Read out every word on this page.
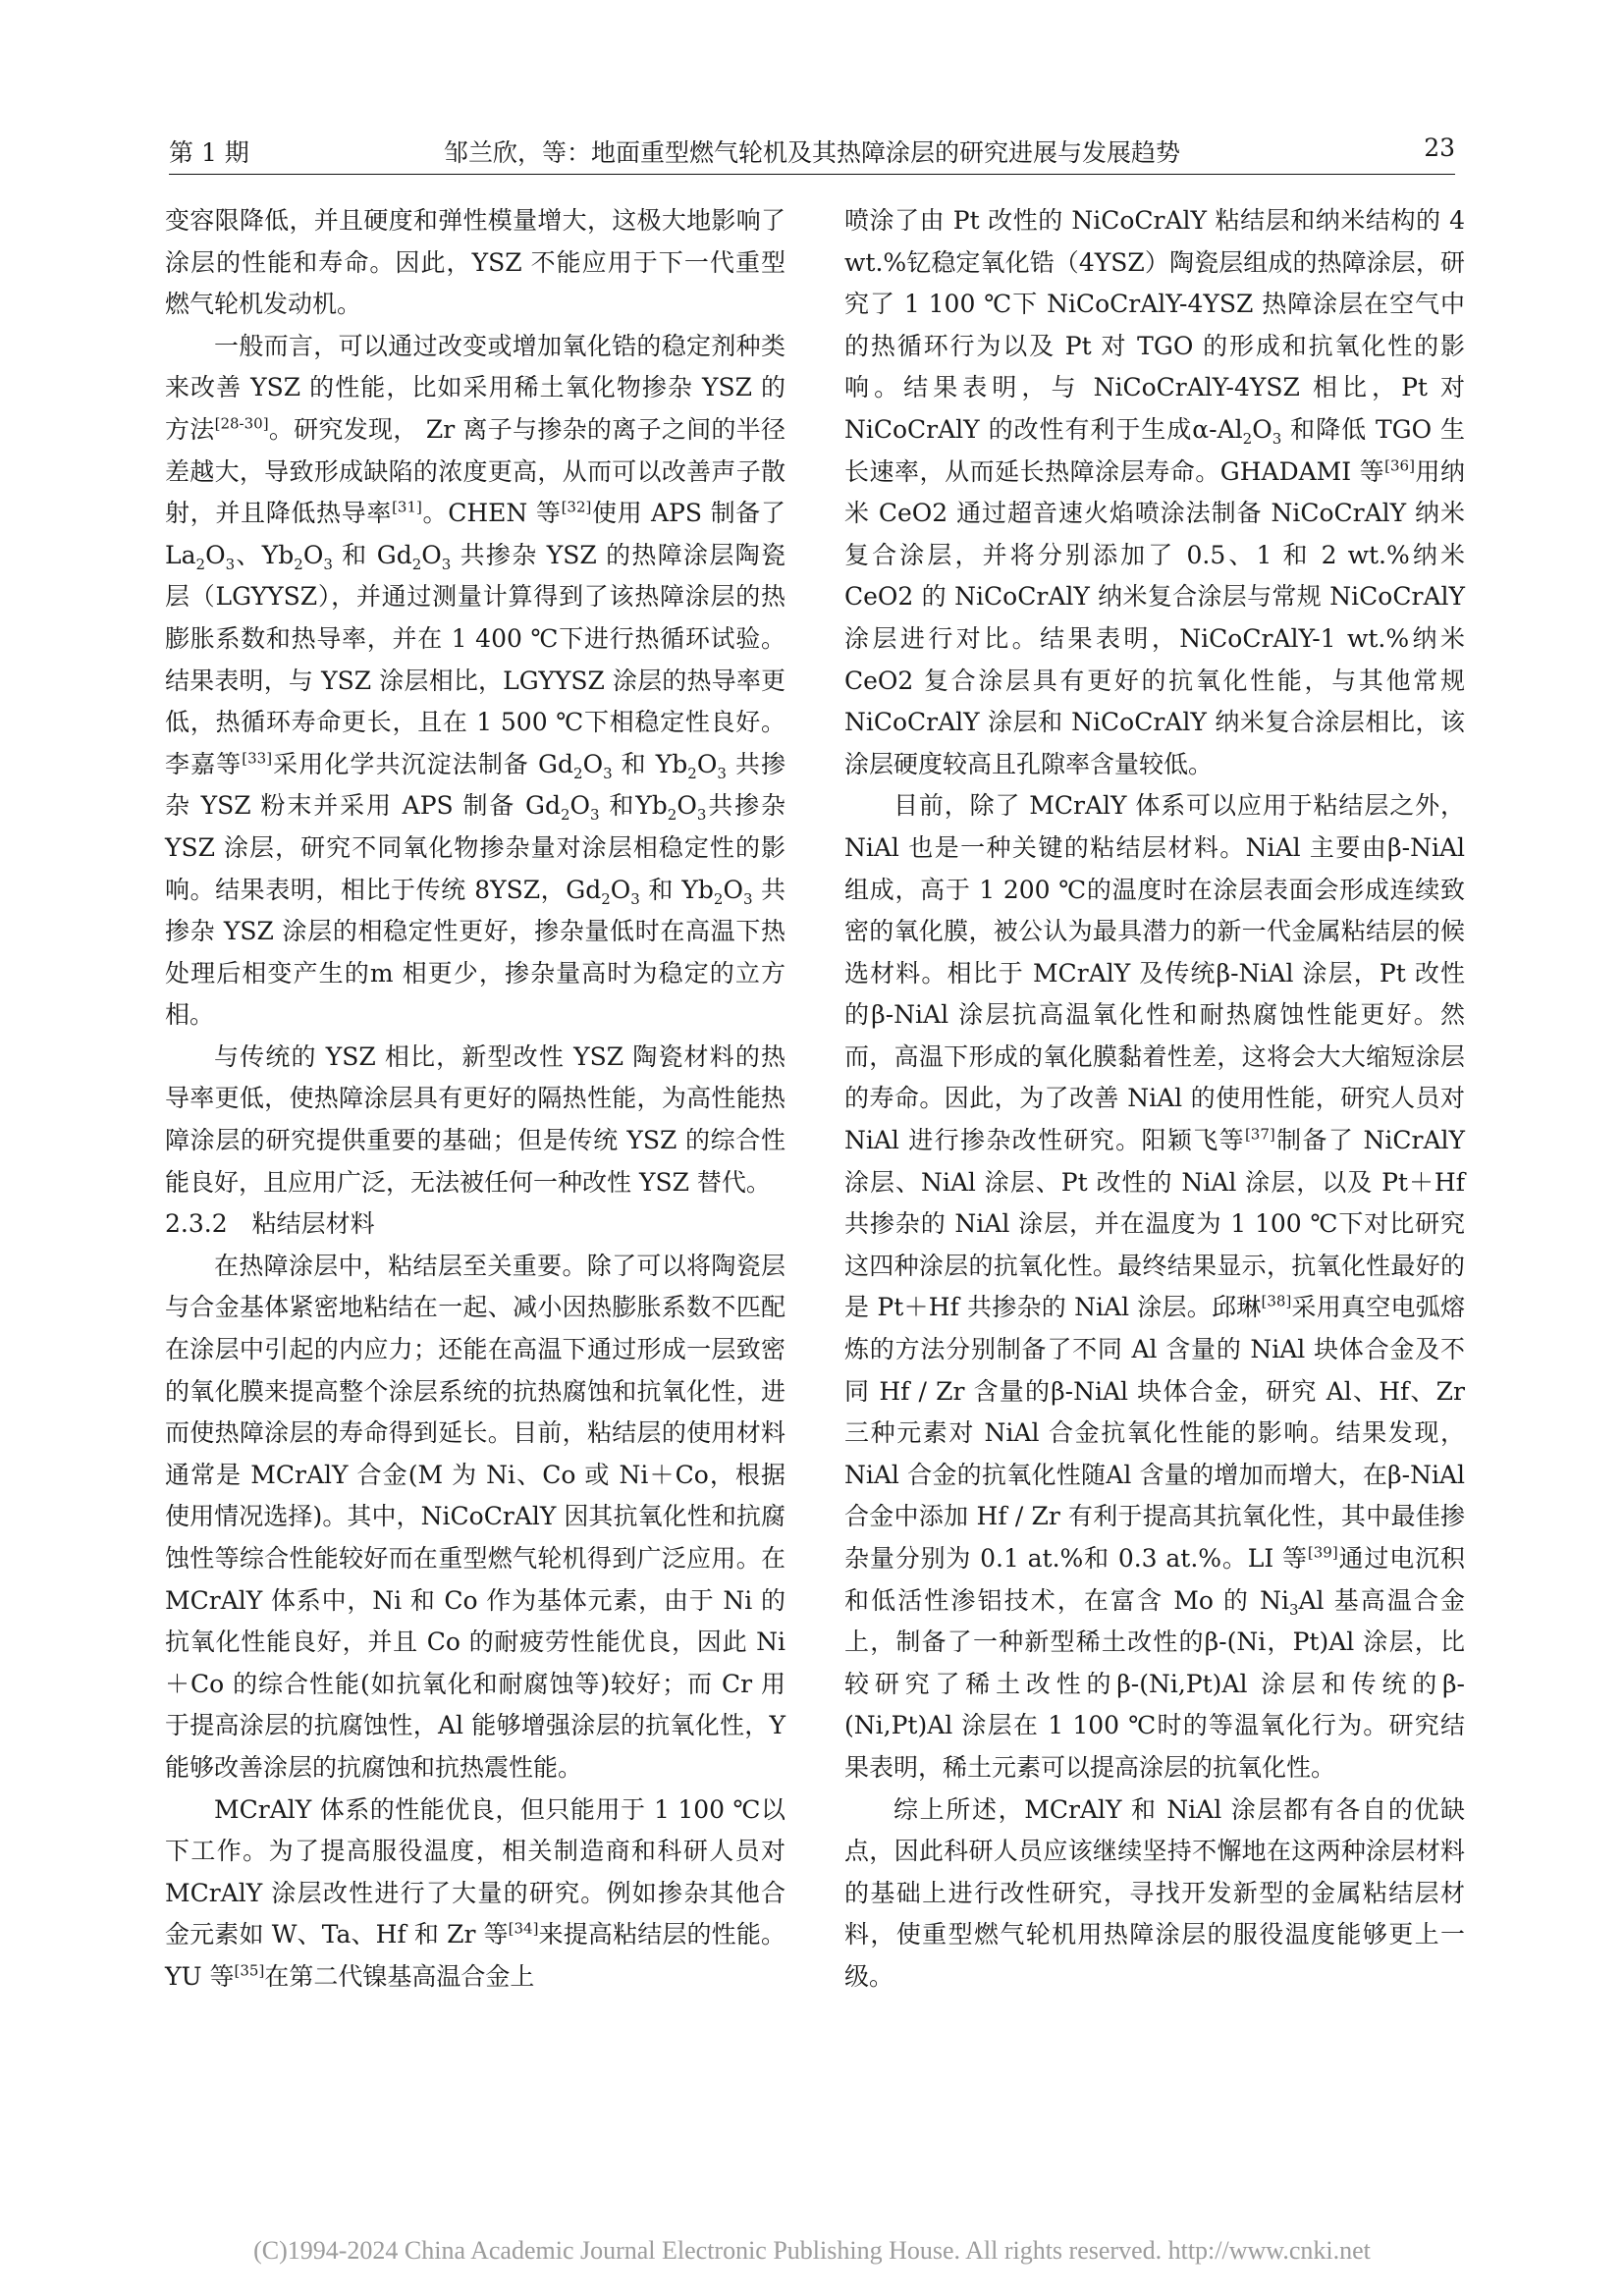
第 1 期	邹兰欣，等：地面重型燃气轮机及其热障涂层的研究进展与发展趋势	23

变容限降低，并且硬度和弹性模量增大，这极大地影响了涂层的性能和寿命。因此，YSZ 不能应用于下一代重型燃气轮机发动机。

一般而言，可以通过改变或增加氧化锆的稳定剂种类来改善 YSZ 的性能，比如采用稀土氧化物掺杂 YSZ 的方法[28-30]。研究发现， Zr 离子与掺杂的离子之间的半径差越大，导致形成缺陷的浓度更高，从而可以改善声子散射，并且降低热导率[31]。CHEN 等[32]使用 APS 制备了 $La_2O_3$、$Yb_2O_3$ 和 $Gd_2O_3$ 共掺杂 YSZ 的热障涂层陶瓷层（LGYYSZ），并通过测量计算得到了该热障涂层的热膨胀系数和热导率，并在 1 400 ℃下进行热循环试验。结果表明，与 YSZ 涂层相比，LGYYSZ 涂层的热导率更低，热循环寿命更长，且在 1 500 ℃下相稳定性良好。李嘉等[33]采用化学共沉淀法制备 $Gd_2O_3$ 和 $Yb_2O_3$ 共掺杂 YSZ 粉末并采用 APS 制备 $Gd_2O_3$ 和$Yb_2O_3$共掺杂 YSZ 涂层，研究不同氧化物掺杂量对涂层相稳定性的影响。结果表明，相比于传统 8YSZ，$Gd_2O_3$ 和 $Yb_2O_3$ 共掺杂 YSZ 涂层的相稳定性更好，掺杂量低时在高温下热处理后相变产生的m 相更少，掺杂量高时为稳定的立方相。

与传统的 YSZ 相比，新型改性 YSZ 陶瓷材料的热导率更低，使热障涂层具有更好的隔热性能，为高性能热障涂层的研究提供重要的基础；但是传统 YSZ 的综合性能良好，且应用广泛，无法被任何一种改性 YSZ 替代。

2.3.2　粘结层材料

在热障涂层中，粘结层至关重要。除了可以将陶瓷层与合金基体紧密地粘结在一起、减小因热膨胀系数不匹配在涂层中引起的内应力；还能在高温下通过形成一层致密的氧化膜来提高整个涂层系统的抗热腐蚀和抗氧化性，进而使热障涂层的寿命得到延长。目前，粘结层的使用材料通常是 MCrAlY 合金(M 为 Ni、Co 或 Ni＋Co，根据使用情况选择)。其中，NiCoCrAlY 因其抗氧化性和抗腐蚀性等综合性能较好而在重型燃气轮机得到广泛应用。在 MCrAlY 体系中，Ni 和 Co 作为基体元素，由于 Ni 的抗氧化性能良好，并且 Co 的耐疲劳性能优良，因此 Ni＋Co 的综合性能(如抗氧化和耐腐蚀等)较好；而 Cr 用于提高涂层的抗腐蚀性，Al 能够增强涂层的抗氧化性，Y 能够改善涂层的抗腐蚀和抗热震性能。

MCrAlY 体系的性能优良，但只能用于 1 100 ℃以下工作。为了提高服役温度，相关制造商和科研人员对 MCrAlY 涂层改性进行了大量的研究。例如掺杂其他合金元素如 W、Ta、Hf 和 Zr 等[34]来提高粘结层的性能。YU 等[35]在第二代镍基高温合金上

喷涂了由 Pt 改性的 NiCoCrAlY 粘结层和纳米结构的 4 wt.%钇稳定氧化锆（4YSZ）陶瓷层组成的热障涂层，研究了 1 100 ℃下 NiCoCrAlY-4YSZ 热障涂层在空气中的热循环行为以及 Pt 对 TGO 的形成和抗氧化性的影响。结果表明，与 NiCoCrAlY-4YSZ 相比，Pt 对 NiCoCrAlY 的改性有利于生成$\alpha-Al_2O_3$ 和降低 TGO 生长速率，从而延长热障涂层寿命。GHADAMI 等[36]用纳米 CeO2 通过超音速火焰喷涂法制备 NiCoCrAlY 纳米复合涂层，并将分别添加了 0.5、1 和 2 wt.%纳米 CeO2 的 NiCoCrAlY 纳米复合涂层与常规 NiCoCrAlY 涂层进行对比。结果表明，NiCoCrAlY-1 wt.%纳米 CeO2 复合涂层具有更好的抗氧化性能，与其他常规 NiCoCrAlY 涂层和 NiCoCrAlY 纳米复合涂层相比，该涂层硬度较高且孔隙率含量较低。

目前，除了 MCrAlY 体系可以应用于粘结层之外，NiAl 也是一种关键的粘结层材料。NiAl 主要由β-NiAl 组成，高于 1 200 ℃的温度时在涂层表面会形成连续致密的氧化膜，被公认为最具潜力的新一代金属粘结层的候选材料。相比于 MCrAlY 及传统β-NiAl 涂层，Pt 改性的β-NiAl 涂层抗高温氧化性和耐热腐蚀性能更好。然而，高温下形成的氧化膜黏着性差，这将会大大缩短涂层的寿命。因此，为了改善 NiAl 的使用性能，研究人员对 NiAl 进行掺杂改性研究。阳颖飞等[37]制备了 NiCrAlY 涂层、NiAl 涂层、Pt 改性的 NiAl 涂层，以及 Pt＋Hf 共掺杂的 NiAl 涂层，并在温度为 1 100 ℃下对比研究这四种涂层的抗氧化性。最终结果显示，抗氧化性最好的是 Pt＋Hf 共掺杂的 NiAl 涂层。邱琳[38]采用真空电弧熔炼的方法分别制备了不同 Al 含量的 NiAl 块体合金及不同 Hf / Zr 含量的β-NiAl 块体合金，研究 Al、Hf、Zr 三种元素对 NiAl 合金抗氧化性能的影响。结果发现，NiAl 合金的抗氧化性随Al 含量的增加而增大，在β-NiAl 合金中添加 Hf / Zr 有利于提高其抗氧化性，其中最佳掺杂量分别为 0.1 at.%和 0.3 at.%。LI 等[39]通过电沉积和低活性渗铝技术，在富含 Mo 的 $Ni_3Al$ 基高温合金上，制备了一种新型稀土改性的β-(Ni，Pt)Al 涂层，比较研究了稀土改性的β-(Ni,Pt)Al 涂层和传统的β-(Ni,Pt)Al 涂层在 1 100 ℃时的等温氧化行为。研究结果表明，稀土元素可以提高涂层的抗氧化性。

综上所述，MCrAlY 和 NiAl 涂层都有各自的优缺点，因此科研人员应该继续坚持不懈地在这两种涂层材料的基础上进行改性研究，寻找开发新型的金属粘结层材料，使重型燃气轮机用热障涂层的服役温度能够更上一级。

(C)1994-2024 China Academic Journal Electronic Publishing House. All rights reserved. http://www.cnki.net
